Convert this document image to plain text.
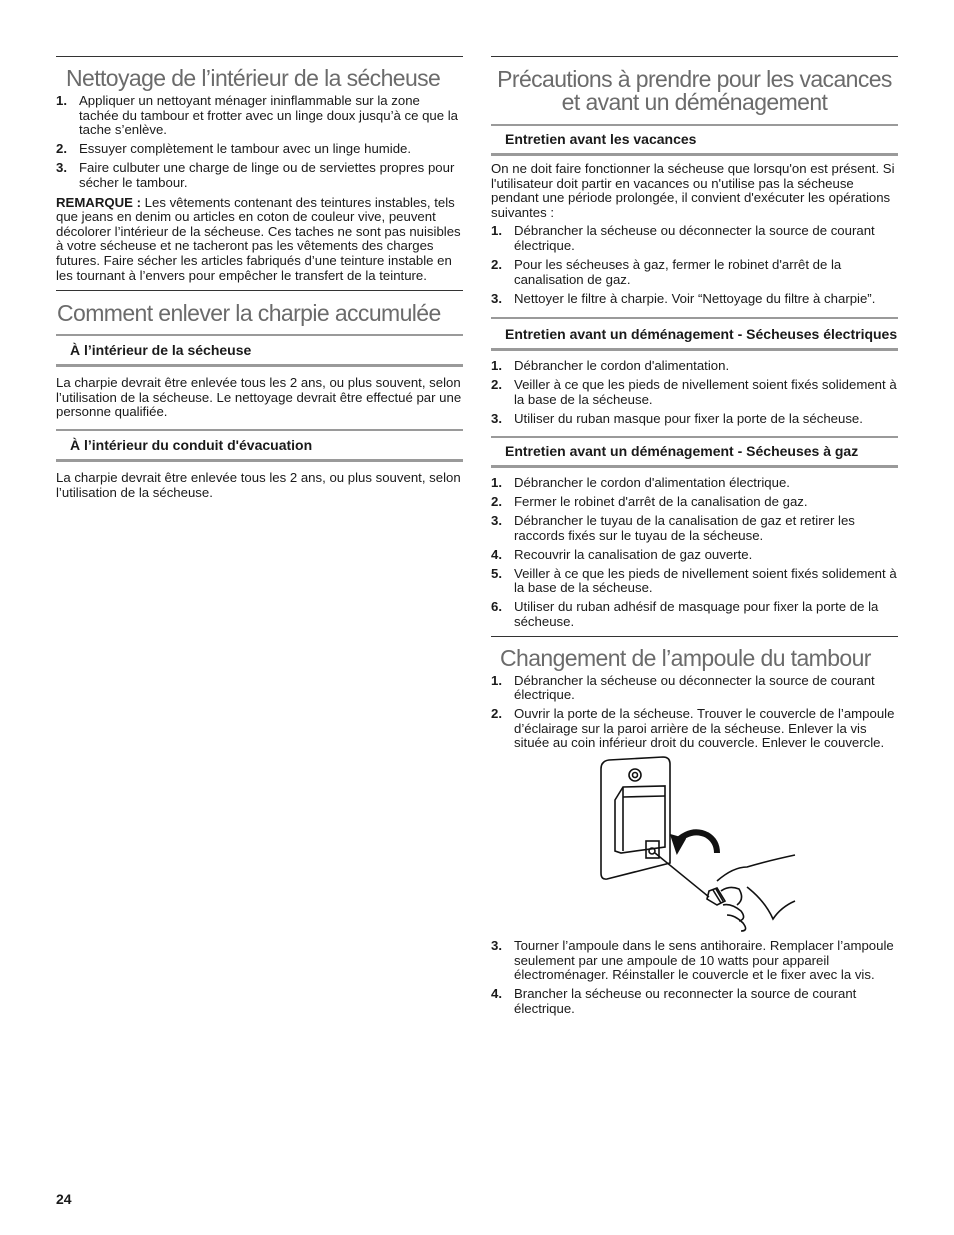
Nettoyage de l’intérieur de la sécheuse
1. Appliquer un nettoyant ménager ininflammable sur la zone tachée du tambour et frotter avec un linge doux jusqu’à ce que la tache s’enlève.
2. Essuyer complètement le tambour avec un linge humide.
3. Faire culbuter une charge de linge ou de serviettes propres pour sécher le tambour.

REMARQUE : Les vêtements contenant des teintures instables, tels que jeans en denim ou articles en coton de couleur vive, peuvent décolorer l’intérieur de la sécheuse. Ces taches ne sont pas nuisibles à votre sécheuse et ne tacheront pas les vêtements des charges futures. Faire sécher les articles fabriqués d’une teinture instable en les tournant à l’envers pour empêcher le transfert de la teinture.

Comment enlever la charpie accumulée
À l’intérieur de la sécheuse

La charpie devrait être enlevée tous les 2 ans, ou plus souvent, selon l’utilisation de la sécheuse. Le nettoyage devrait être effectué par une personne qualifiée.

À l’intérieur du conduit d'évacuation

La charpie devrait être enlevée tous les 2 ans, ou plus souvent, selon l’utilisation de la sécheuse.

Précautions à prendre pour les vacances
et avant un déménagement
Entretien avant les vacances

On ne doit faire fonctionner la sécheuse que lorsqu'on est présent. Si l'utilisateur doit partir en vacances ou n'utilise pas la sécheuse pendant une période prolongée, il convient d'exécuter les opérations suivantes :

1. Débrancher la sécheuse ou déconnecter la source de courant électrique.
2. Pour les sécheuses à gaz, fermer le robinet d'arrêt de la canalisation de gaz.
3. Nettoyer le filtre à charpie. Voir “Nettoyage du filtre à charpie”.
Entretien avant un déménagement - Sécheuses électriques
1. Débrancher le cordon d'alimentation.
2. Veiller à ce que les pieds de nivellement soient fixés solidement à la base de la sécheuse.
3. Utiliser du ruban masque pour fixer la porte de la sécheuse.
Entretien avant un déménagement - Sécheuses à gaz
1. Débrancher le cordon d'alimentation électrique.
2. Fermer le robinet d'arrêt de la canalisation de gaz.
3. Débrancher le tuyau de la canalisation de gaz et retirer les raccords fixés sur le tuyau de la sécheuse.
4. Recouvrir la canalisation de gaz ouverte.
5. Veiller à ce que les pieds de nivellement soient fixés solidement à la base de la sécheuse.
6. Utiliser du ruban adhésif de masquage pour fixer la porte de la sécheuse.
Changement de l’ampoule du tambour
1. Débrancher la sécheuse ou déconnecter la source de courant électrique.
2. Ouvrir la porte de la sécheuse. Trouver le couvercle de l’ampoule d’éclairage sur la paroi arrière de la sécheuse. Enlever la vis située au coin inférieur droit du couvercle. Enlever le couvercle.
3. Tourner l’ampoule dans le sens antihoraire. Remplacer l’ampoule seulement par une ampoule de 10 watts pour appareil électroménager. Réinstaller le couvercle et le fixer avec la vis.
4. Brancher la sécheuse ou reconnecter la source de courant électrique.
24
